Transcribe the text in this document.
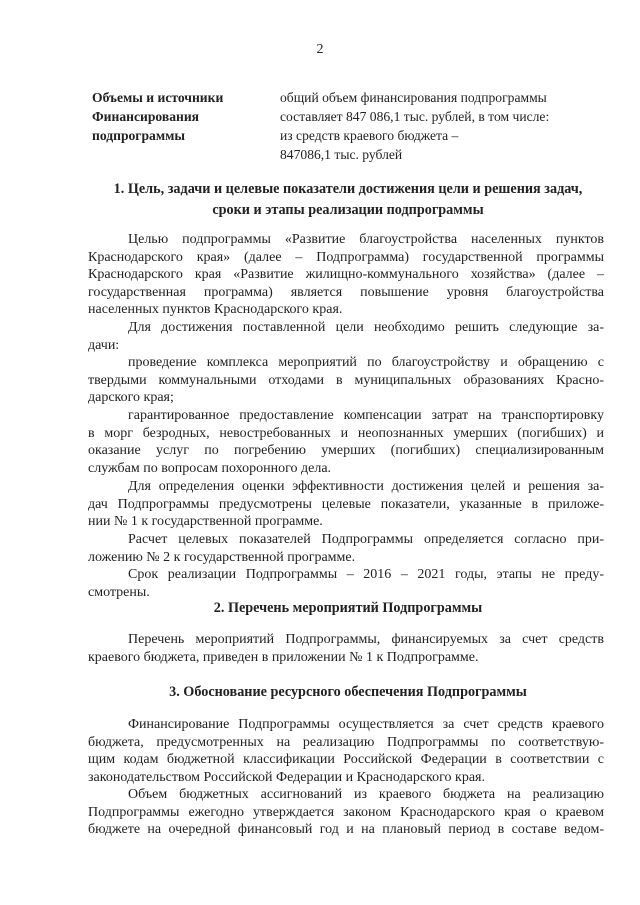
2
Объемы и источники
Финансирования
подпрограммы
общий объем финансирования подпрограммы
составляет 847 086,1 тыс. рублей, в том числе:
из средств краевого бюджета –
847086,1 тыс. рублей
1. Цель, задачи и целевые показатели достижения цели и решения задач,
сроки и этапы реализации подпрограммы
Целью подпрограммы «Развитие благоустройства населенных пунктов
Краснодарского края» (далее – Подпрограмма) государственной программы
Краснодарского края «Развитие жилищно-коммунального хозяйства» (далее –
государственная программа) является повышение уровня благоустройства
населенных пунктов Краснодарского края.
Для достижения поставленной цели необходимо решить следующие за-
дачи:
проведение комплекса мероприятий по благоустройству и обращению с
твердыми коммунальными отходами в муниципальных образованиях Красно-
дарского края;
гарантированное предоставление компенсации затрат на транспортировку
в морг безродных, невостребованных и неопознанных умерших (погибших) и
оказание услуг по погребению умерших (погибших) специализированным
службам по вопросам похоронного дела.
Для определения оценки эффективности достижения целей и решения за-
дач Подпрограммы предусмотрены целевые показатели, указанные в приложе-
нии № 1 к государственной программе.
Расчет целевых показателей Подпрограммы определяется согласно при-
ложению № 2 к государственной программе.
Срок реализации Подпрограммы – 2016 – 2021 годы, этапы не преду-
смотрены.
2. Перечень мероприятий Подпрограммы
Перечень мероприятий Подпрограммы, финансируемых за счет средств
краевого бюджета, приведен в приложении № 1 к Подпрограмме.
3. Обоснование ресурсного обеспечения Подпрограммы
Финансирование Подпрограммы осуществляется за счет средств краевого
бюджета, предусмотренных на реализацию Подпрограммы по соответствую-
щим кодам бюджетной классификации Российской Федерации в соответствии с
законодательством Российской Федерации и Краснодарского края.
Объем бюджетных ассигнований из краевого бюджета на реализацию
Подпрограммы ежегодно утверждается законом Краснодарского края о краевом
бюджете на очередной финансовый год и на плановый период в составе ведом-
